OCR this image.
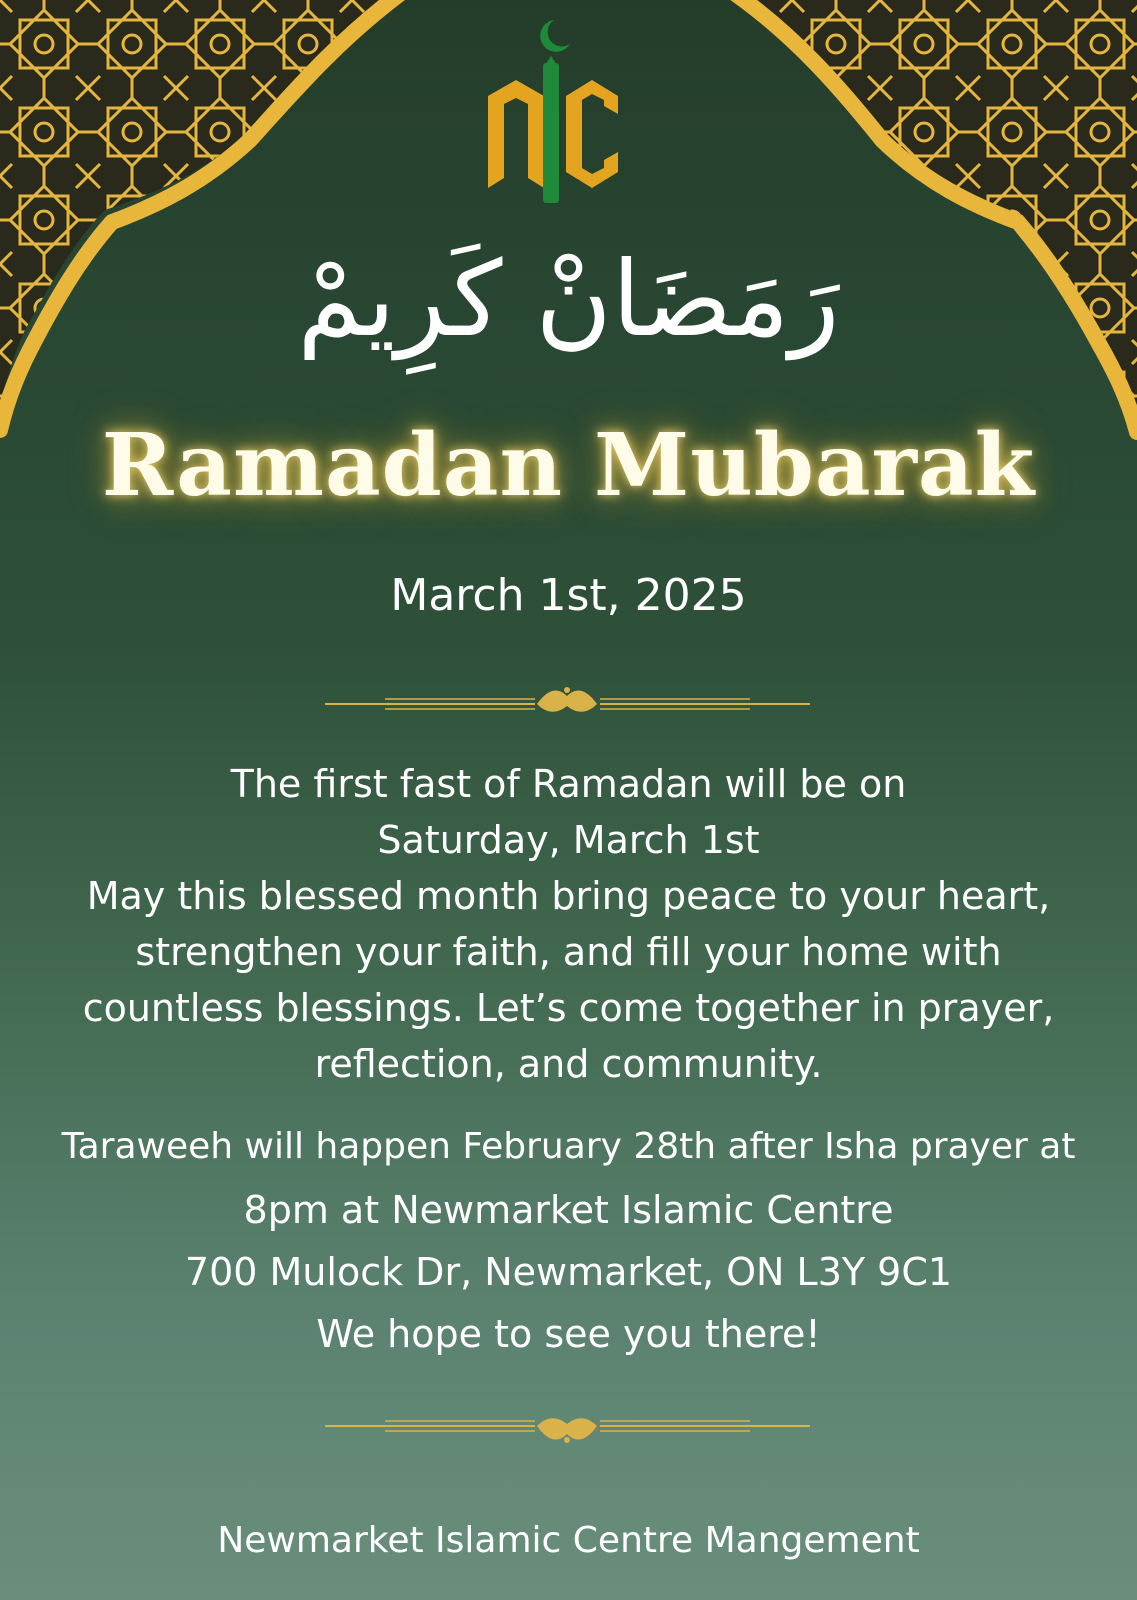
رَمَضَانْ كَرِيمْ
Ramadan Mubarak
March 1st, 2025
The first fast of Ramadan will be on
Saturday, March 1st
May this blessed month bring peace to your heart,
strengthen your faith, and fill your home with
countless blessings. Let’s come together in prayer,
reflection, and community.
Taraweeh will happen February 28th after Isha prayer at
8pm at Newmarket Islamic Centre
700 Mulock Dr, Newmarket, ON L3Y 9C1
We hope to see you there!
Newmarket Islamic Centre Mangement
